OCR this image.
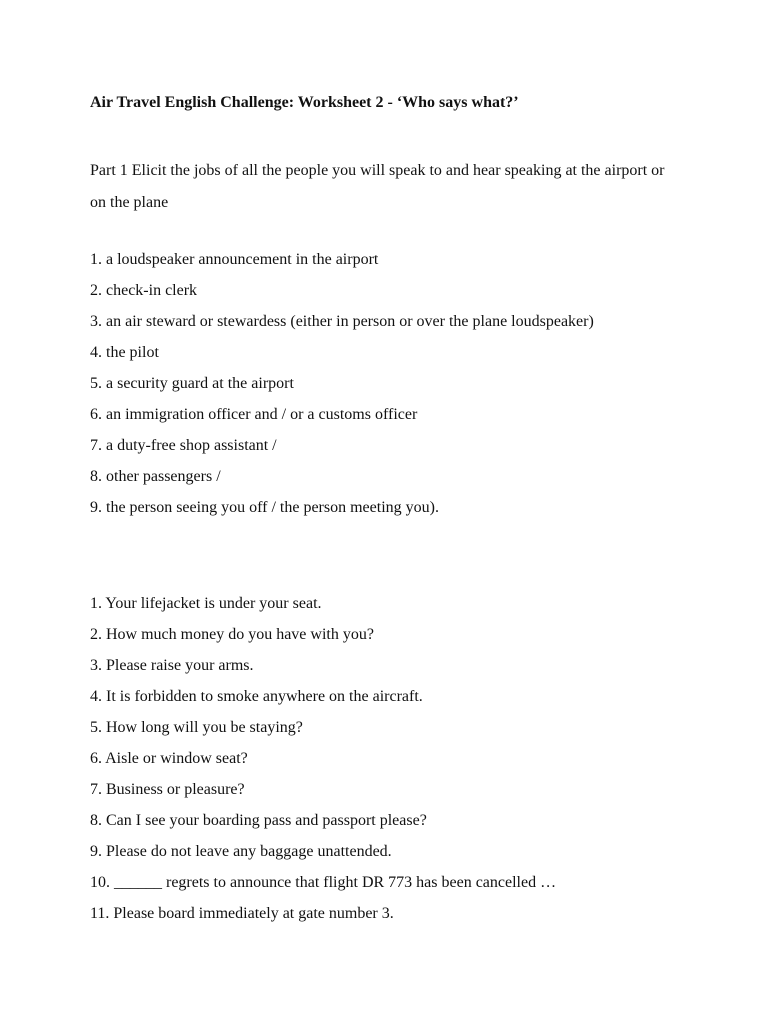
Air Travel English Challenge: Worksheet 2 - ‘Who says what?’
Part 1 Elicit the jobs of all the people you will speak to and hear speaking at the airport or on the plane
1. a loudspeaker announcement in the airport
2. check-in clerk
3. an air steward or stewardess (either in person or over the plane loudspeaker)
4. the pilot
5. a security guard at the airport
6. an immigration officer and / or a customs officer
7. a duty-free shop assistant /
8. other passengers /
9. the person seeing you off / the person meeting you).
1. Your lifejacket is under your seat.
2. How much money do you have with you?
3. Please raise your arms.
4. It is forbidden to smoke anywhere on the aircraft.
5. How long will you be staying?
6. Aisle or window seat?
7. Business or pleasure?
8. Can I see your boarding pass and passport please?
9. Please do not leave any baggage unattended.
10. ______ regrets to announce that flight DR 773 has been cancelled …
11. Please board immediately at gate number 3.
